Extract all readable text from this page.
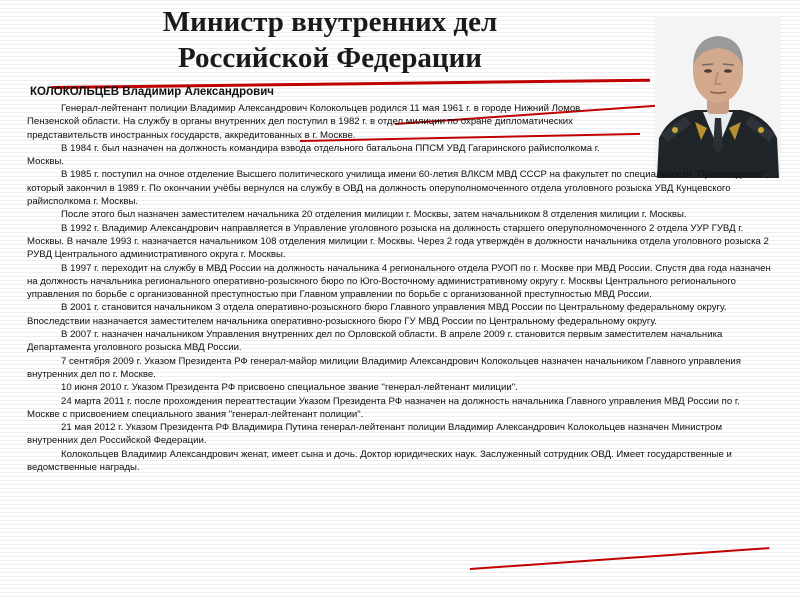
Министр внутренних дел
Российской Федерации
КОЛОКОЛЬЦЕВ Владимир Александрович

Генерал-лейтенант полиции Владимир Александрович Колокольцев родился 11 мая 1961 г. в городе Нижний Ломов Пензенской области. На службу в органы внутренних дел поступил в 1982 г. в отдел милиции по охране дипломатических представительств иностранных государств, аккредитованных в г. Москве.

В 1984 г. был назначен на должность командира взвода отдельного батальона ППСМ УВД Гагаринского райисполкома г. Москвы.

В 1985 г. поступил на очное отделение Высшего политического училища имени 60-летия ВЛКСМ МВД СССР на факультет по специальности "Правоведение", который закончил в 1989 г. По окончании учёбы вернулся на службу в ОВД на должность оперуполномоченного отдела уголовного розыска УВД Кунцевского райисполкома г. Москвы.

После этого был назначен заместителем начальника 20 отделения милиции г. Москвы, затем начальником 8 отделения милиции г. Москвы.

В 1992 г. Владимир Александрович направляется в Управление уголовного розыска на должность старшего оперуполномоченного 2 отдела УУР ГУВД г. Москвы. В начале 1993 г. назначается начальником 108 отделения милиции г. Москвы. Через 2 года утверждён в должности начальника отдела уголовного розыска 2 РУВД Центрального административного округа г. Москвы.

В 1997 г. переходит на службу в МВД России на должность начальника 4 регионального отдела РУОП по г. Москве при МВД России. Спустя два года назначен на должность начальника регионального оперативно-розыскного бюро по Юго-Восточному административному округу г. Москвы Центрального регионального управления по борьбе с организованной преступностью при Главном управлении по борьбе с организованной преступностью МВД России.

В 2001 г. становится начальником 3 отдела оперативно-розыскного бюро Главного управления МВД России по Центральному федеральному округу. Впоследствии назначается заместителем начальника оперативно-розыскного бюро ГУ МВД России по Центральному федеральному округу.

В 2007 г. назначен начальником Управления внутренних дел по Орловской области. В апреле 2009 г. становится первым заместителем начальника Департамента уголовного розыска МВД России.

7 сентября 2009 г. Указом Президента РФ генерал-майор милиции Владимир Александрович Колокольцев назначен начальником Главного управления внутренних дел по г. Москве.

10 июня 2010 г. Указом Президента РФ присвоено специальное звание "генерал-лейтенант милиции".

24 марта 2011 г. после прохождения переаттестации Указом Президента РФ назначен на должность начальника Главного управления МВД России по г. Москве с присвоением специального звания "генерал-лейтенант полиции".

21 мая 2012 г. Указом Президента РФ Владимира Путина генерал-лейтенант полиции Владимир Александрович Колокольцев назначен Министром внутренних дел Российской Федерации.

Колокольцев Владимир Александрович женат, имеет сына и дочь. Доктор юридических наук. Заслуженный сотрудник ОВД. Имеет государственные и ведомственные награды.
